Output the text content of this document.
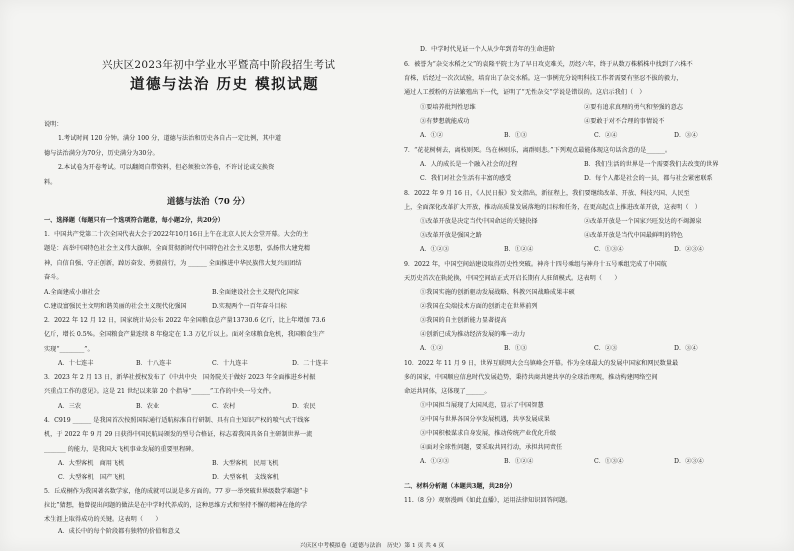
兴庆区2023年初中学业水平暨高中阶段招生考试
道德与法治 历史 模拟试题
说明：
1.考试时间 120 分钟。满分 100 分，道德与法治和历史各自占一定比例，其中道
德与法治满分为70分，历史满分为30分。
2.本试卷为开卷考试。可以翻阅自带资料，但必须独立答卷，不许讨论或交换资
料。
道德与法治（70 分）
一、选择题（每题只有一个选项符合题意，每小题2分，共20分）
1．中国共产党第二十次全国代表大会于2022年10月16日上午在北京人民大会堂开幕。大会的主
题是：高举中国特色社会主义伟大旗帜，全面贯彻新时代中国特色社会主义思想，弘扬伟大建党精
神，自信自强、守正创新，踔厉奋发、勇毅前行，为 ______ 全面推进中华民族伟大复兴而团结
奋斗。
A.全面建成小康社会	B.全面建设社会主义现代化国家
C.建设富强民主文明和谐美丽的社会主义现代化强国	D.实现两个一百年奋斗目标
2．2022 年 12 月 12 日，国家统计局公布 2022 年全国粮食总产量13730.6 亿斤，比上年增加 73.6
亿斤，增长 0.5%。全国粮食产量连续 8 年稳定在 1.3 万亿斤以上。面对全球粮食危机，我国粮食生产
实现“________”。
A．十七连丰	B．十八连丰	C．十九连丰	D．二十连丰
3．2023 年 2 月 13 日，新华社授权发布了《中共中央　国务院关于做好 2023 年全面推进乡村振
兴重点工作的意见》。这是 21 世纪以来第 20 个指导“______”工作的中央一号文件。
A．三农	B．农业	C．农村	D．农民
4．C919 ______ 是我国首次按照国际通行适航标准自行研制、具有自主知识产权的喷气式干线客
机，于 2022 年 9 月 29 日获得中国民航局颁发的型号合格证，标志着我国具备自主研制世界一流
_______ 的能力，是我国大飞机事业发展的重要里程碑。
A．大型客机　商用飞机	B．大型客机　民用飞机
C．大型客机　国产飞机	D．大型客机　支线客机
5．丘成桐作为我国著名数学家，他的成就可以说是多方面的。77 岁一举突破世界级数学难题“卡
拉比”猜想，他曾提出问题的做法是在中学时代养成的，这种思维方式和坚持不懈的精神在他的学
术生涯上取得成功的关键。这表明（　　）
A．成长中的每个阶段都有独特的价值和意义
D．中学时代见证一个人从少年到青年的生命进阶
6．被誉为“杂交水稻之父”的袁隆平院士为了早日攻克难关，历经六年，终于从数万株稻株中找到了六株不
育株，后经过一次次试验，培育出了杂交水稻。这一事例充分说明科技工作者需要有坚忍不拔的毅力，
通过人工授粉的方法繁殖出下一代，证明了“无性杂交”学说是错误的。这启示我们（　）
①要培养批判性思维	②要有追求真理的勇气和坚强的意志
③有梦想就能成功	④要敢于对不合理的事情说不
A．①②	B．①③	C．②④	D．③④
7．“花花树树去，离枝则死。鸟在林则乐，离群则悲。”下列观点最能体现这句话含意的是______。
A．人的成长是一个融入社会的过程	B．我们生活的世界是一个需要我们去改变的世界
C．我们对社会生活有丰富的感受	D．每个人都是社会的一员，都与社会紧密联系
8．2022 年 9 月 16 日，《人民日报》发文指出，新征程上，我们要继续改革、开放、科技兴国、人民至
上，全面深化改革扩大开放，推动高质量发展落地的目标和任务，在更高起点上推进改革开放，这表明（　）
①改革开放是决定当代中国命运的关键抉择	②改革开放是一个国家兴旺发达的不竭源泉
③改革开放是强国之路	④改革开放是当代中国最鲜明的特色
A．①②③	B．①②④	C．①③④	D．②③④
9．2022 年，中国空间站建设取得历史性突破。神舟十四号乘组与神舟十五号乘组完成了中国航
天历史首次在轨轮换，中国空间站正式开启长期有人驻留模式。这表明（　　）
①我国实施的创新驱动发展战略、科教兴国战略成果丰硕
②我国在尖端技术方面的创新走在世界前列
③我国的自主创新能力显著提高
④创新已成为推动经济发展的唯一动力
A．①②	B．①③	C．②③	D．③④
10．2022 年 11 月 9 日，世界互联网大会乌镇峰会开幕。作为全球最大的发展中国家和网民数量最
多的国家，中国顺应信息时代发展趋势，秉持共商共建共享的全球治理观，推动构建网络空间
命运共同体，这体现了______。
①中国担当展现了大国风范，显示了中国智慧
②中国与世界各国分享发展机遇，共享发展成果
③中国积极谋求自身发展，推动传统产业优化升级
④面对全球性问题，要采取共同行动，承担共同责任
A．①②③	B．①②④	C．①③④	D．②③④
二、材料分析题（本题共3题，共28分）
11.（8 分）观察漫画《如此直播》，运用法律知识回答问题。
兴庆区中考模拟卷（道德与法治　历史）第 1 页 共 4 页
